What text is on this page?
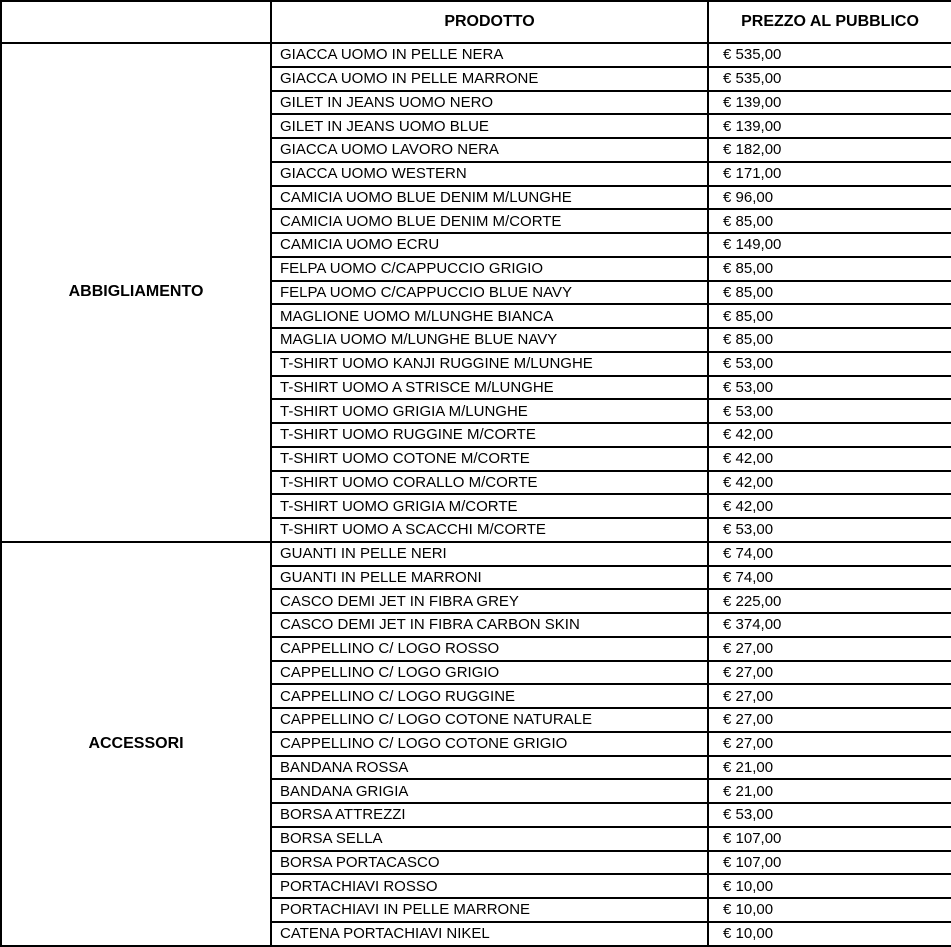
	PRODOTTO	PREZZO AL PUBBLICO
ABBIGLIAMENTO	GIACCA UOMO IN PELLE NERA	€ 535,00
	GIACCA UOMO IN PELLE MARRONE	€ 535,00
	GILET IN JEANS UOMO NERO	€ 139,00
	GILET IN JEANS UOMO BLUE	€ 139,00
	GIACCA UOMO LAVORO NERA	€ 182,00
	GIACCA UOMO WESTERN	€ 171,00
	CAMICIA UOMO BLUE DENIM M/LUNGHE	€ 96,00
	CAMICIA UOMO BLUE DENIM M/CORTE	€ 85,00
	CAMICIA UOMO ECRU	€ 149,00
	FELPA UOMO C/CAPPUCCIO GRIGIO	€ 85,00
	FELPA UOMO C/CAPPUCCIO BLUE NAVY	€ 85,00
	MAGLIONE UOMO M/LUNGHE BIANCA	€ 85,00
	MAGLIA UOMO M/LUNGHE BLUE NAVY	€ 85,00
	T-SHIRT UOMO KANJI RUGGINE M/LUNGHE	€ 53,00
	T-SHIRT UOMO A STRISCE M/LUNGHE	€ 53,00
	T-SHIRT UOMO GRIGIA M/LUNGHE	€ 53,00
	T-SHIRT UOMO RUGGINE M/CORTE	€ 42,00
	T-SHIRT UOMO COTONE M/CORTE	€ 42,00
	T-SHIRT UOMO CORALLO M/CORTE	€ 42,00
	T-SHIRT UOMO GRIGIA M/CORTE	€ 42,00
	T-SHIRT UOMO A SCACCHI M/CORTE	€ 53,00
ACCESSORI	GUANTI IN PELLE NERI	€ 74,00
	GUANTI IN PELLE MARRONI	€ 74,00
	CASCO DEMI JET IN FIBRA GREY	€ 225,00
	CASCO DEMI JET IN FIBRA CARBON SKIN	€ 374,00
	CAPPELLINO C/ LOGO ROSSO	€ 27,00
	CAPPELLINO C/ LOGO GRIGIO	€ 27,00
	CAPPELLINO C/ LOGO RUGGINE	€ 27,00
	CAPPELLINO C/ LOGO COTONE NATURALE	€ 27,00
	CAPPELLINO C/ LOGO COTONE GRIGIO	€ 27,00
	BANDANA ROSSA	€ 21,00
	BANDANA GRIGIA	€ 21,00
	BORSA ATTREZZI	€ 53,00
	BORSA SELLA	€ 107,00
	BORSA PORTACASCO	€ 107,00
	PORTACHIAVI ROSSO	€ 10,00
	PORTACHIAVI IN PELLE MARRONE	€ 10,00
	CATENA PORTACHIAVI NIKEL	€ 10,00
